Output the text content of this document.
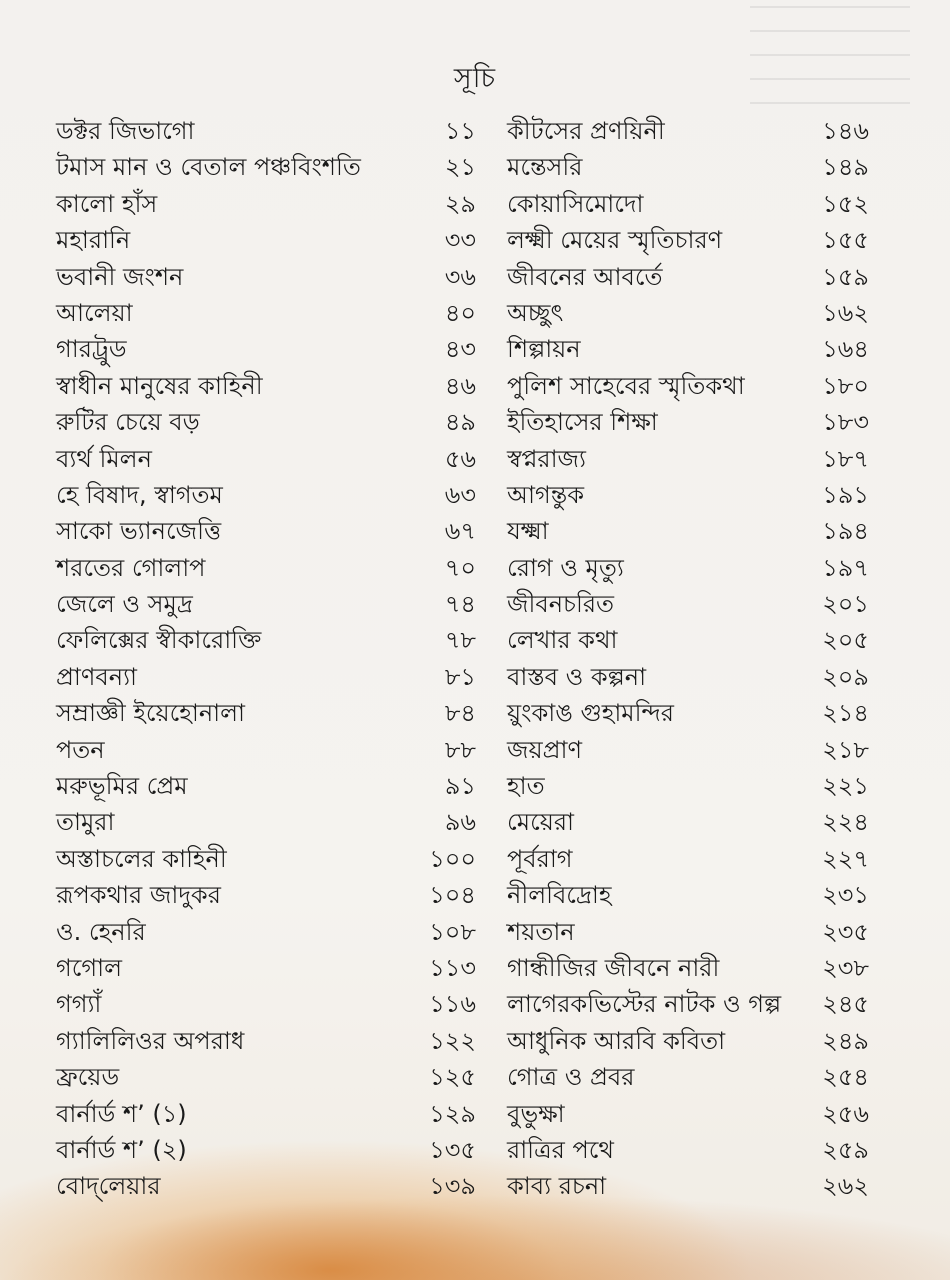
সূচি
ডক্টর জিভাগো	১১
টমাস মান ও বেতাল পঞ্চবিংশতি	২১
কালো হাঁস	২৯
মহারানি	৩৩
ভবানী জংশন	৩৬
আলেয়া	৪০
গারট্রুড	৪৩
স্বাধীন মানুষের কাহিনী	৪৬
রুটির চেয়ে বড়	৪৯
ব্যর্থ মিলন	৫৬
হে বিষাদ, স্বাগতম	৬৩
সাকো ভ্যানজেত্তি	৬৭
শরতের গোলাপ	৭০
জেলে ও সমুদ্র	৭৪
ফেলিক্সের স্বীকারোক্তি	৭৮
প্রাণবন্যা	৮১
সম্রাজ্ঞী ইয়েহোনালা	৮৪
পতন	৮৮
মরুভূমির প্রেম	৯১
তামুরা	৯৬
অস্তাচলের কাহিনী	১০০
রূপকথার জাদুকর	১০৪
ও. হেনরি	১০৮
গগোল	১১৩
গগ্যাঁ	১১৬
গ্যালিলিওর অপরাধ	১২২
ফ্রয়েড	১২৫
বার্নার্ড শ’ (১)	১২৯
বার্নার্ড শ’ (২)	১৩৫
বোদ্‌লেয়ার	১৩৯
কীটসের প্রণয়িনী	১৪৬
মন্তেসরি	১৪৯
কোয়াসিমোদো	১৫২
লক্ষ্মী মেয়ের স্মৃতিচারণ	১৫৫
জীবনের আবর্তে	১৫৯
অচ্ছুৎ	১৬২
শিল্পায়ন	১৬৪
পুলিশ সাহেবের স্মৃতিকথা	১৮০
ইতিহাসের শিক্ষা	১৮৩
স্বপ্নরাজ্য	১৮৭
আগন্তুক	১৯১
যক্ষ্মা	১৯৪
রোগ ও মৃত্যু	১৯৭
জীবনচরিত	২০১
লেখার কথা	২০৫
বাস্তব ও কল্পনা	২০৯
য়ুংকাঙ গুহামন্দির	২১৪
জয়প্রাণ	২১৮
হাত	২২১
মেয়েরা	২২৪
পূর্বরাগ	২২৭
নীলবিদ্রোহ	২৩১
শয়তান	২৩৫
গান্ধীজির জীবনে নারী	২৩৮
লাগেরকভিস্টের নাটক ও গল্প ২৪৫
আধুনিক আরবি কবিতা	২৪৯
গোত্র ও প্রবর	২৫৪
বুভুক্ষা	২৫৬
রাত্রির পথে	২৫৯
কাব্য রচনা	২৬২
